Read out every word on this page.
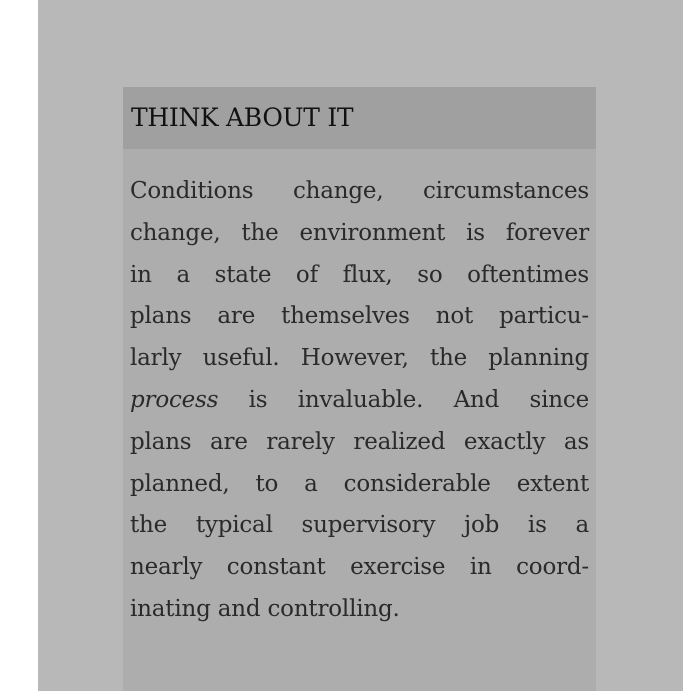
THINK ABOUT IT

Conditions change, circumstances
change, the environment is forever
in a state of flux, so oftentimes
plans are themselves not particu-
larly useful. However, the planning
process is invaluable. And since
plans are rarely realized exactly as
planned, to a considerable extent
the typical supervisory job is a
nearly constant exercise in coord-
inating and controlling.
